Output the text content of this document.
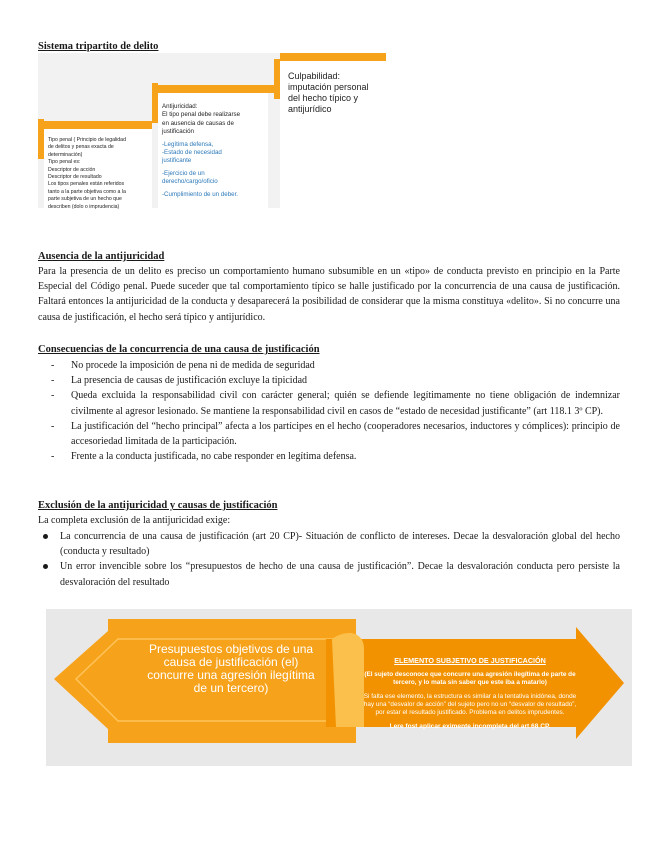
Sistema tripartito de delito
Culpabilidad:
imputación personal
del hecho típico y
antijurídico
Antijuricidad:
El tipo penal debe realizarse
en ausencia de causas de
justificación
-Legítima defensa,
-Estado de necesidad
justificante
-Ejercicio de un
derecho/cargo/oficio
-Cumplimiento de un deber.
Tipo penal ( Principio de legalidad
de delitos y penas exacta de
determinación)
Tipo penal es:
Descriptor de acción
Descriptor de resultado
Los tipos penales están referidos
tanto a la parte objetiva como a la
parte subjetiva de un hecho que
describen (dolo o imprudencia)
Ausencia de la antijuricidad
Para la presencia de un delito es preciso un comportamiento humano subsumible en un «tipo» de conducta previsto en principio en la Parte Especial del Código penal. Puede suceder que tal comportamiento típico se halle justificado por la concurrencia de una causa de justificación. Faltará entonces la antijuricidad de la conducta y desaparecerá la posibilidad de considerar que la misma constituya «delito». Si no concurre una causa de justificación, el hecho será típico y antijurídico.
Consecuencias de la concurrencia de una causa de justificación
- No procede la imposición de pena ni de medida de seguridad
- La presencia de causas de justificación excluye la tipicidad
- Queda excluida la responsabilidad civil con carácter general; quién se defiende legítimamente no tiene obligación de indemnizar civilmente al agresor lesionado. Se mantiene la responsabilidad civil en casos de “estado de necesidad justificante” (art 118.1 3º CP).
- La justificación del “hecho principal” afecta a los partícipes en el hecho (cooperadores necesarios, inductores y cómplices): principio de accesoriedad limitada de la participación.
- Frente a la conducta justificada, no cabe responder en legítima defensa.
Exclusión de la antijuricidad y causas de justificación
La completa exclusión de la antijuricidad exige:
La concurrencia de una causa de justificación (art 20 CP)- Situación de conflicto de intereses. Decae la desvaloración global del hecho (conducta y resultado)
Un error invencible sobre los “presupuestos de hecho de una causa de justificación”. Decae la desvaloración conducta pero persiste la desvaloración del resultado
Presupuestos objetivos de una
causa de justificación (el)
concurre una agresión ilegítima
de un tercero)
ELEMENTO SUBJETIVO DE JUSTIFICACIÓN
(El sujeto desconoce que concurre una agresión ilegítima de parte de tercero, y lo mata sin saber que este iba a matarlo)
Si falta ese elemento, la estructura es similar a la tentativa inidónea, donde hay una “desvalor de acción” del sujeto pero no un “desvalor de resultado”, por estar el resultado justificado. Problema en delitos imprudentes.
Lere fost aplicar eximente incompleta del art 68 CP.
